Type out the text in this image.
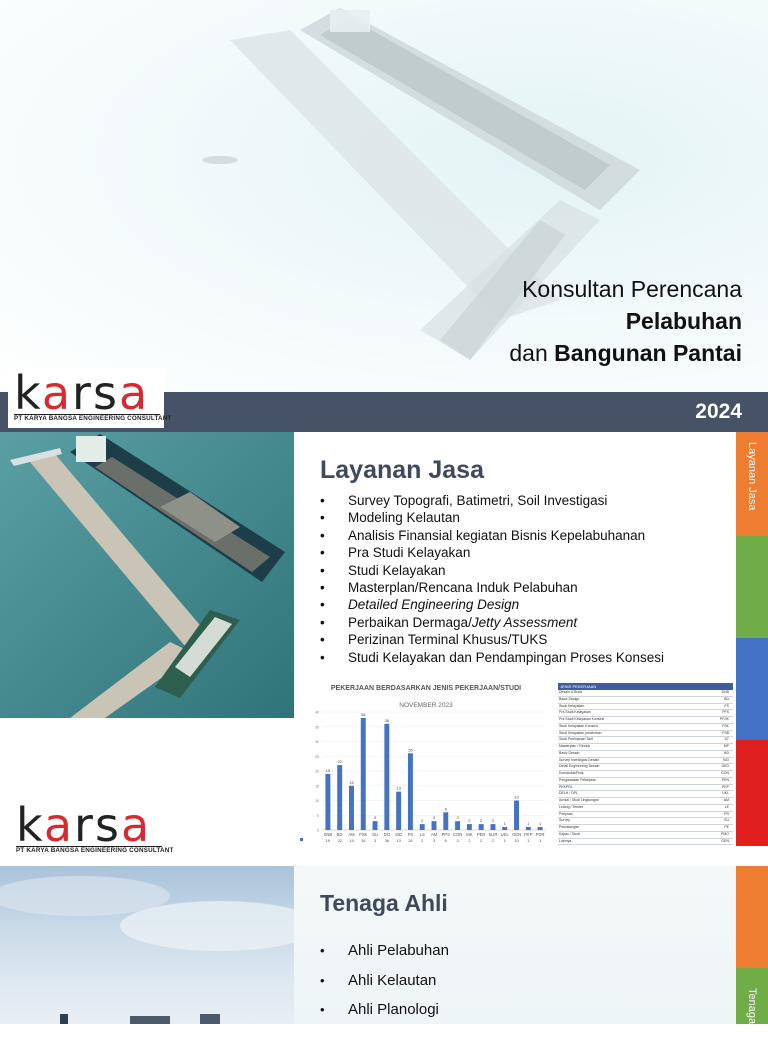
Konsultan Perencana
Pelabuhan
dan Bangunan Pantai
2024
karsa
PT KARYA BANGSA ENGINEERING CONSULTANT
Layanan Jasa
• Survey Topografi, Batimetri, Soil Investigasi
• Modeling Kelautan
• Analisis Finansial kegiatan Bisnis Kepelabuhanan
• Pra Studi Kelayakan
• Studi Kelayakan
• Masterplan/Rencana Induk Pelabuhan
• Detailed Engineering Design
• Perbaikan Dermaga/Jetty Assessment
• Perizinan Terminal Khusus/TUKS
• Studi Kelayakan dan Pendampingan Proses Konsesi
Layanan Jasa
Tenaga Ahli
PEKERJAAN BERDASARKAN JENIS PEKERJAAN/STUDI
NOVEMBER 2023
0
5
10
15
20
25
30
35
40
19
SNB
19
22
BD
22
15
AM
15
38
FSK
38
3
SU
3
36
DO
36
13
SID
13
26
FS
26
2
LS
2
3
AM
3
6
PPS
6
3
CON
3
2
MK
2
2
PER
2
2
SUR
2
1
UKL
1
10
GEN
10
1
PKP
1
1
PDR
1
JENIS PEKERJAAN
Desain & Build	DNB
Basic Design	BD
Studi Kelayakan	FS
Pra Studi Kelayakan	PFS
Pra Studi Kelayakan Konsesi	PFSK
Studi Kelayakan Konsesi	FSK
Studi Kelayakan pelabuhan	FSB
Studi Peninjauan Tarif	ST
Masterplan / Rinduk	MP
Basic Desain	BD
Survey Investigasi Desain	SID
Detail Engineering Desain	DED
Konstruksi/Fisik	CON
Pengawasan Pekerjaan	PEN
PKKPRL	PKP
DELH / DPL	UKL
Amdal / Studi Lingkungan	AM
Lelang / Tender	LE
Perijinan	PR
Survey	SU
Pematangan	PE
Kajian / Studi	PMO
Lainnya	GEN
karsa
PT KARYA BANGSA ENGINEERING CONSULTANT
Tenaga Ahli
• Ahli Pelabuhan
• Ahli Kelautan
• Ahli Planologi
